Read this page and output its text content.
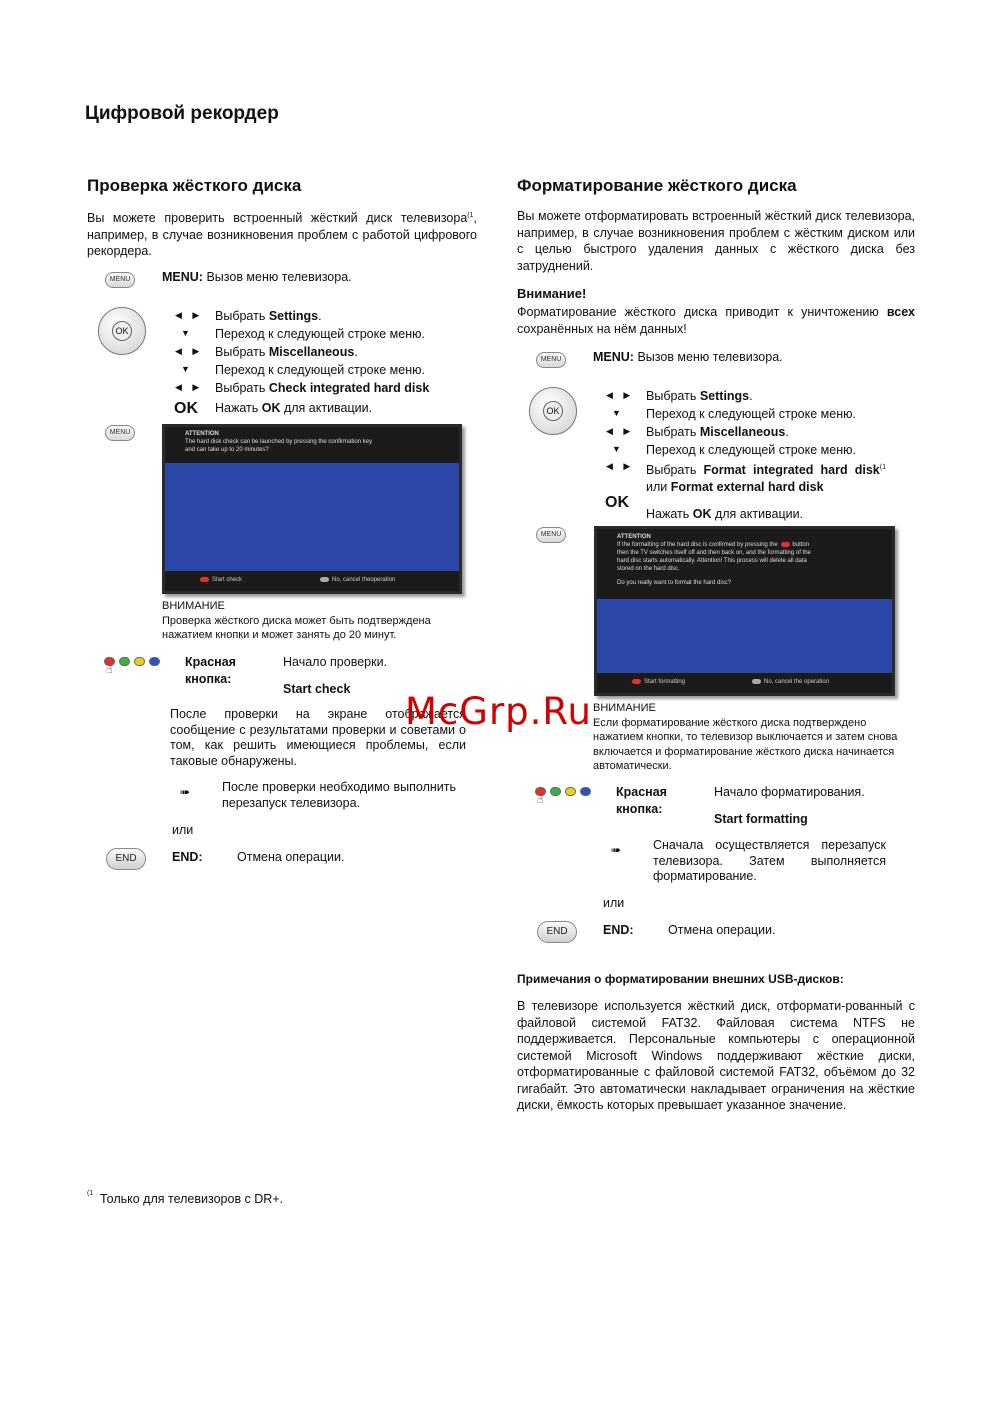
Цифровой рекордер
Проверка жёсткого диска
Вы можете проверить встроенный жёсткий диск телевизора$^{(1}$, например, в случае возникновения проблем с работой цифрового рекордера.
MENU	MENU: Вызов меню телевизора.
OK
◀ ▶ Выбрать Settings.
▼ Переход к следующей строке меню.
◀ ▶ Выбрать Miscellaneous.
▼ Переход к следующей строке меню.
◀ ▶ Выбрать Check integrated hard disk
OK Нажать OK для активации.
MENU	ATTENTION
The hard disk check can be launched by pressing the confirmation key
and can take up to 20 minutes?
Start check	No, cancel theoperation
ВНИМАНИЕ
Проверка жёсткого диска может быть подтверждена нажатием кнопки и может занять до 20 минут.
☝
Красная кнопка:
Начало проверки.
Start check
После проверки на экране отображается сообщение с результатами проверки и советами о том, как решить имеющиеся проблемы, если таковые обнаружены.
➠	После проверки необходимо выполнить перезапуск телевизора.
или
END	END:	Отмена операции.
Форматирование жёсткого диска
Вы можете отформатировать встроенный жёсткий диск телевизора, например, в случае возникновения проблем с жёстким диском или с целью быстрого удаления данных с жёсткого диска без затруднений.
Внимание!
Форматирование жёсткого диска приводит к уничтожению всех сохранённых на нём данных!
MENU	MENU: Вызов меню телевизора.
OK
◀ ▶ Выбрать Settings.
▼ Переход к следующей строке меню.
◀ ▶ Выбрать Miscellaneous.
▼ Переход к следующей строке меню.
◀ ▶ Выбрать Format integrated hard disk$^{(1}$ или Format external hard disk
OK
Нажать OK для активации.
MENU	ATTENTION
If the formatting of the hard disc is confirmed by pressing the button
then the TV switches itself off and then back on, and the formatting of the
hard disc starts automatically. Attention! This process will delete all data
stored on the hard disc.
Do you really want to format the hard disc?
Start formatting	No, cancel the operation
ВНИМАНИЕ
Если форматирование жёсткого диска подтверждено нажатием кнопки, то телевизор выключается и затем снова включается и форматирование жёсткого диска начинается автоматически.
☝
Красная кнопка:
Начало форматирования.
Start formatting
➠	Сначала осуществляется перезапуск телевизора. Затем выполняется форматирование.
или
END	END:	Отмена операции.
Примечания о форматировании внешних USB-дисков:
В телевизоре используется жёсткий диск, отформати-рованный с файловой системой FAT32. Файловая система NTFS не поддерживается. Персональные компьютеры с операционной системой Microsoft Windows поддерживают жёсткие диски, отформатированные с файловой системой FAT32, объёмом до 32 гигабайт. Это автоматически накладывает ограничения на жёсткие диски, ёмкость которых превышает указанное значение.
(1 Только для телевизоров с DR+.
McGrp.Ru
